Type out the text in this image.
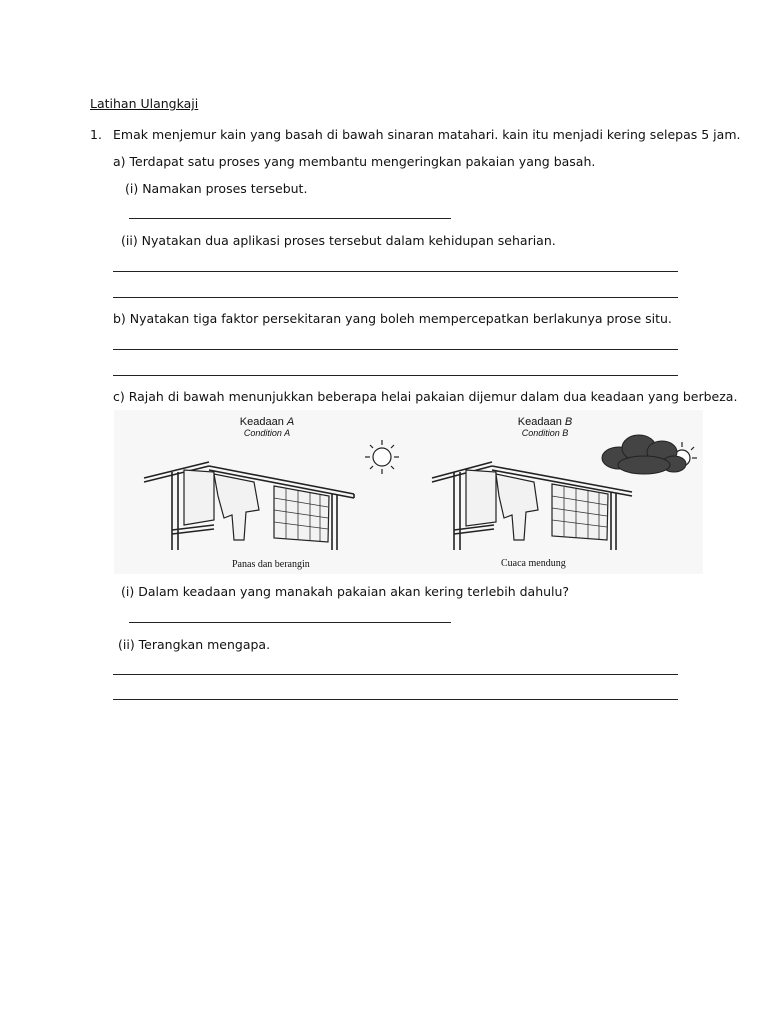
Latihan Ulangkaji
1. Emak menjemur kain yang basah di bawah sinaran matahari. kain itu menjadi kering selepas 5 jam.
a) Terdapat satu proses yang membantu mengeringkan pakaian yang basah.
(i) Namakan proses tersebut.
(ii) Nyatakan dua aplikasi proses tersebut dalam kehidupan seharian.
b) Nyatakan tiga faktor persekitaran yang boleh mempercepatkan berlakunya prose situ.
c) Rajah di bawah menunjukkan beberapa helai pakaian dijemur dalam dua keadaan yang berbeza.
Keadaan A
Condition A
Keadaan B
Condition B
Panas dan berangin	Cuaca mendung
(i) Dalam keadaan yang manakah pakaian akan kering terlebih dahulu?
(ii) Terangkan mengapa.
